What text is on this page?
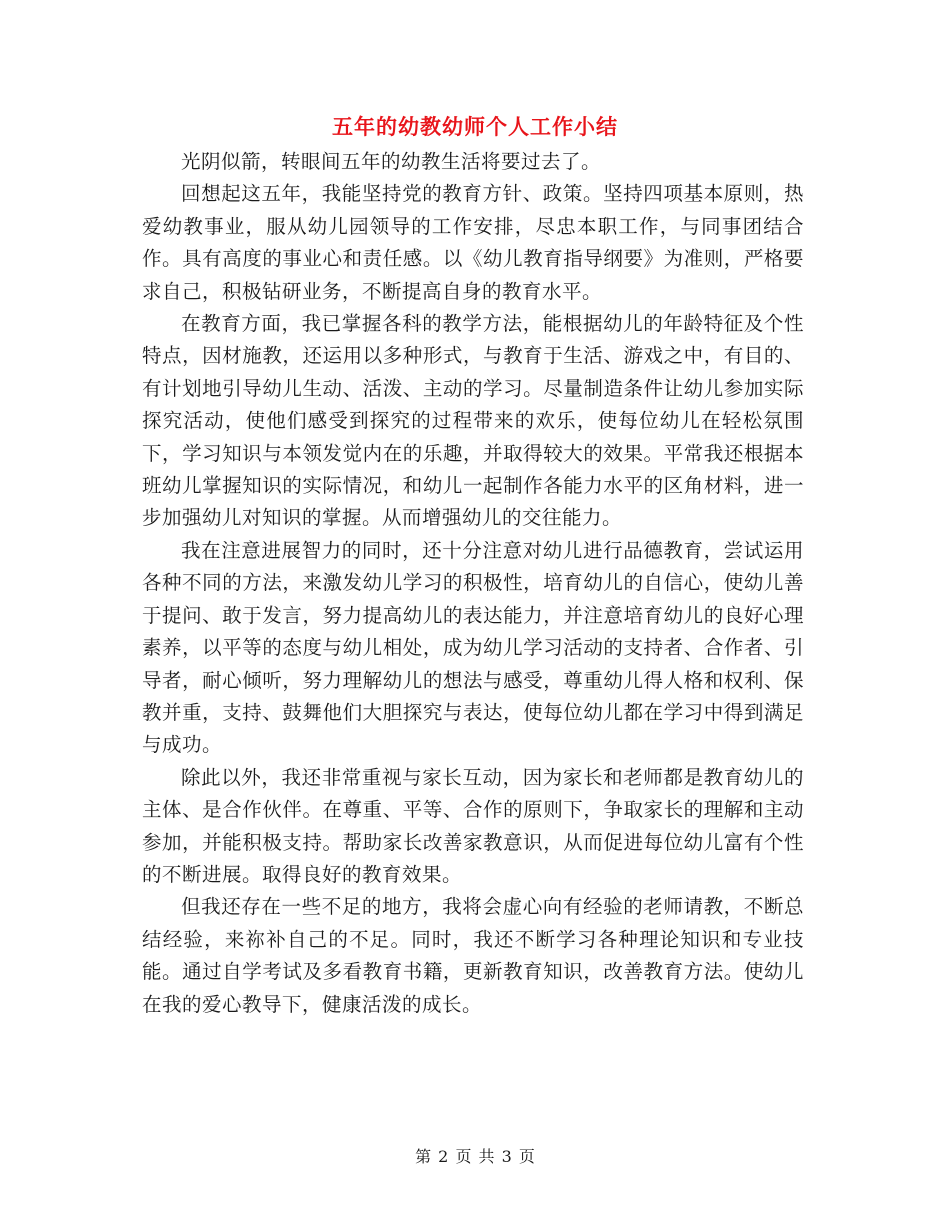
五年的幼教幼师个人工作小结

光阴似箭，转眼间五年的幼教生活将要过去了。

回想起这五年，我能坚持党的教育方针、政策。坚持四项基本原则，热爱幼教事业，服从幼儿园领导的工作安排，尽忠本职工作，与同事团结合作。具有高度的事业心和责任感。以《幼儿教育指导纲要》为准则，严格要求自己，积极钻研业务，不断提高自身的教育水平。

在教育方面，我已掌握各科的教学方法，能根据幼儿的年龄特征及个性特点，因材施教，还运用以多种形式，与教育于生活、游戏之中，有目的、有计划地引导幼儿生动、活泼、主动的学习。尽量制造条件让幼儿参加实际探究活动，使他们感受到探究的过程带来的欢乐，使每位幼儿在轻松氛围下，学习知识与本领发觉内在的乐趣，并取得较大的效果。平常我还根据本班幼儿掌握知识的实际情况，和幼儿一起制作各能力水平的区角材料，进一步加强幼儿对知识的掌握。从而增强幼儿的交往能力。

我在注意进展智力的同时，还十分注意对幼儿进行品德教育，尝试运用各种不同的方法，来激发幼儿学习的积极性，培育幼儿的自信心，使幼儿善于提问、敢于发言，努力提高幼儿的表达能力，并注意培育幼儿的良好心理素养，以平等的态度与幼儿相处，成为幼儿学习活动的支持者、合作者、引导者，耐心倾听，努力理解幼儿的想法与感受，尊重幼儿得人格和权利、保教并重，支持、鼓舞他们大胆探究与表达，使每位幼儿都在学习中得到满足与成功。

除此以外，我还非常重视与家长互动，因为家长和老师都是教育幼儿的主体、是合作伙伴。在尊重、平等、合作的原则下，争取家长的理解和主动参加，并能积极支持。帮助家长改善家教意识，从而促进每位幼儿富有个性的不断进展。取得良好的教育效果。

但我还存在一些不足的地方，我将会虚心向有经验的老师请教，不断总结经验，来祢补自己的不足。同时，我还不断学习各种理论知识和专业技能。通过自学考试及多看教育书籍，更新教育知识，改善教育方法。使幼儿在我的爱心教导下，健康活泼的成长。

第 2 页 共 3 页
